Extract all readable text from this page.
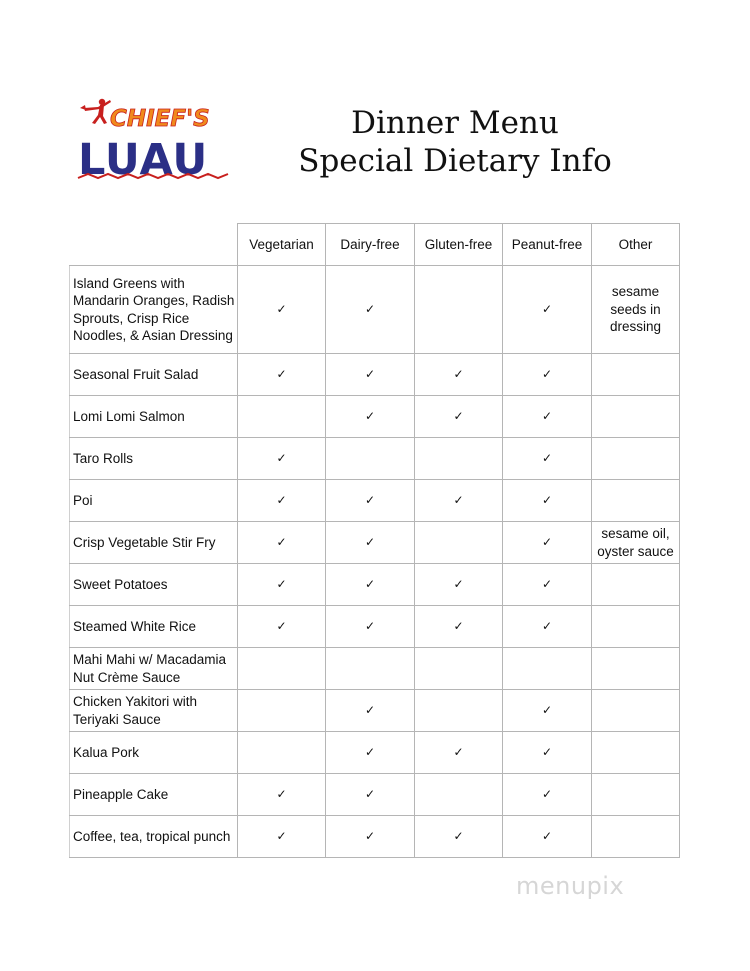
CHIEF'S
LUAU
Dinner Menu
Special Dietary Info
	Vegetarian	Dairy-free	Gluten-free	Peanut-free	Other
Island Greens with Mandarin Oranges, Radish Sprouts, Crisp Rice Noodles, & Asian Dressing	✓	✓		✓	sesame seeds in dressing
Seasonal Fruit Salad	✓	✓	✓	✓	
Lomi Lomi Salmon		✓	✓	✓	
Taro Rolls	✓			✓	
Poi	✓	✓	✓	✓	
Crisp Vegetable Stir Fry	✓	✓		✓	sesame oil, oyster sauce
Sweet Potatoes	✓	✓	✓	✓	
Steamed White Rice	✓	✓	✓	✓	
Mahi Mahi w/ Macadamia Nut Crème Sauce					
Chicken Yakitori with Teriyaki Sauce		✓		✓	
Kalua Pork		✓	✓	✓	
Pineapple Cake	✓	✓		✓	
Coffee, tea, tropical punch	✓	✓	✓	✓	
menupix
